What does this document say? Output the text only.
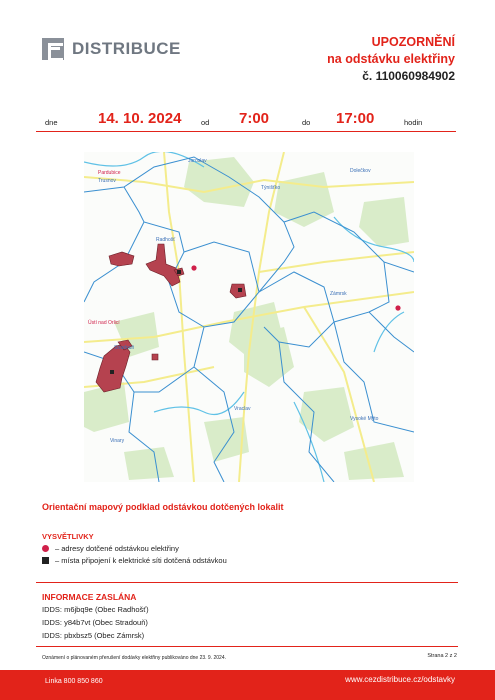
DISTRIBUCE	UPOZORNĚNÍ
na odstávku elektřiny
č. 110060984902
dne	14. 10. 2024	od 7:00	do 17:00	hodin
Pardubice
Trusnov
Jaroslav
Týnišťko
Dolečkov
Radhošť
Zámrsk
Ústí nad Orlicí
Stradouň
Vraclav
Vysoké Mýto
Vinary
Orientační mapový podklad odstávkou dotčených lokalit
VYSVĚTLIVKY
– adresy dotčené odstávkou elektřiny
– místa připojení k elektrické síti dotčená odstávkou
INFORMACE ZASLÁNA
IDDS: m6jbq9e (Obec Radhošť)
IDDS: y84b7vt (Obec Stradouň)
IDDS: pbxbsz5 (Obec Zámrsk)
Oznámení o plánovaném přerušení dodávky elektřiny publikováno dne 23. 9. 2024.	Strana 2 z 2
Linka 800 850 860	www.cezdistribuce.cz/odstavky
